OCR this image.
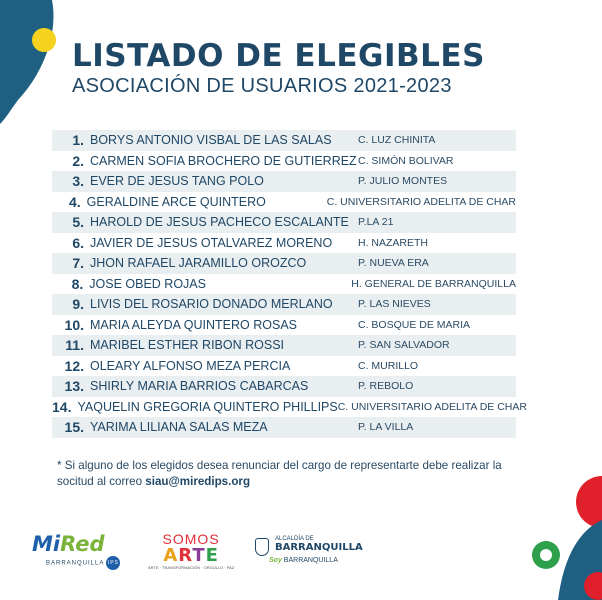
LISTADO DE ELEGIBLES
ASOCIACIÓN DE USUARIOS 2021-2023
1. BORYS ANTONIO VISBAL DE LAS SALAS	C. LUZ CHINITA
2. CARMEN SOFIA BROCHERO DE GUTIERREZ C. SIMÓN BOLIVAR
3. EVER DE JESUS TANG POLO	P. JULIO MONTES
4. GERALDINE ARCE QUINTERO	C. UNIVERSITARIO ADELITA DE CHAR
5. HAROLD DE JESUS PACHECO ESCALANTE P.LA 21
6. JAVIER DE JESUS OTALVAREZ MORENO	H. NAZARETH
7. JHON RAFAEL JARAMILLO OROZCO	P. NUEVA ERA
8. JOSE OBED ROJAS	H. GENERAL DE BARRANQUILLA
9. LIVIS DEL ROSARIO DONADO MERLANO	P. LAS NIEVES
10. MARIA ALEYDA QUINTERO ROSAS	C. BOSQUE DE MARIA
11. MARIBEL ESTHER RIBON ROSSI	P. SAN SALVADOR
12. OLEARY ALFONSO MEZA PERCIA	C. MURILLO
13. SHIRLY MARIA BARRIOS CABARCAS	P. REBOLO
14. YAQUELIN GREGORIA QUINTERO PHILLIPS C. UNIVERSITARIO ADELITA DE CHAR
15. YARIMA LILIANA SALAS MEZA	P. LA VILLA
* Si alguno de los elegidos desea renunciar del cargo de representarte debe realizar la socitud al correo siau@miredips.org
MiRed
BARRANQUILLA IPS
SOMOS
ARTE
ARTE · TRANSFORMACIÓN · ORGULLO · PAZ
ALCALDÍA DE
BARRANQUILLA
Soy BARRANQUILLA
